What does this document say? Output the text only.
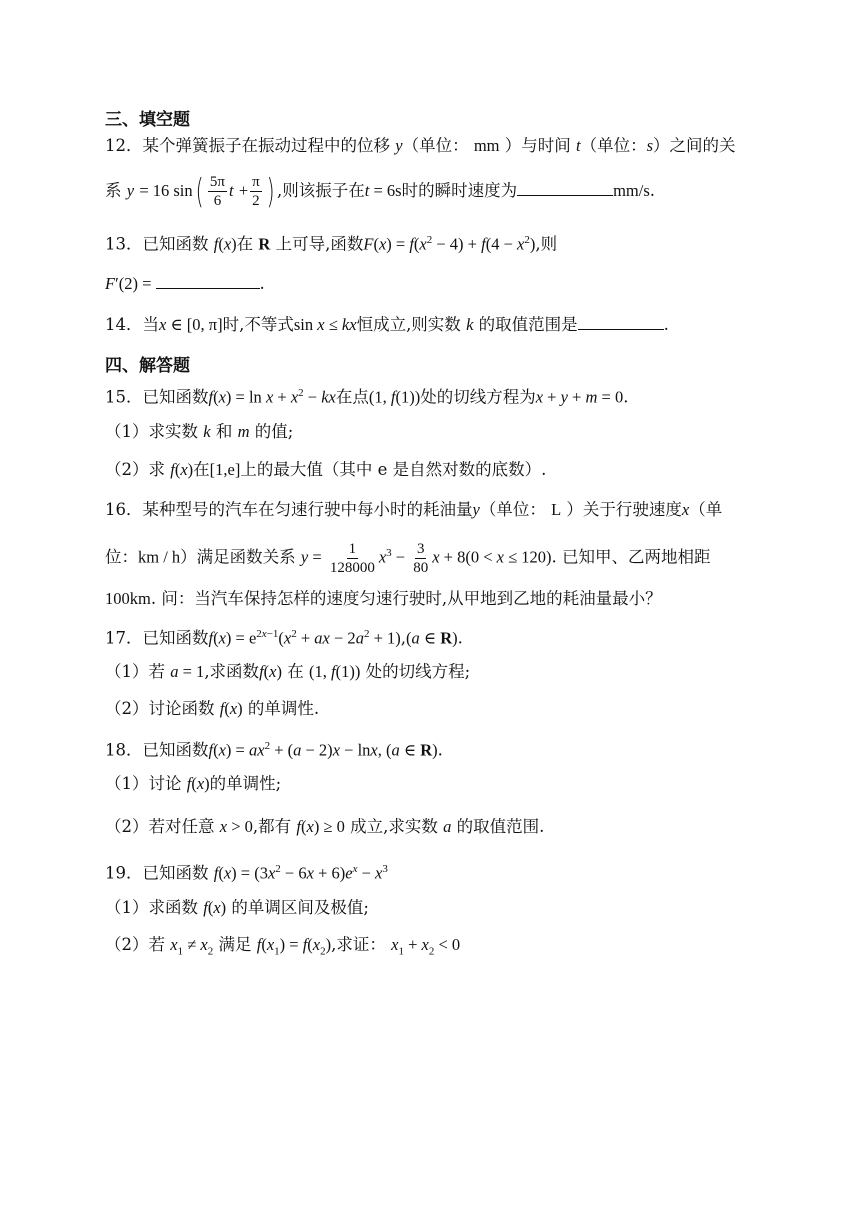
三、填空题
12．某个弹簧振子在振动过程中的位移 y（单位： mm ）与时间 t（单位：s）之间的关
系 y = 16 $\sin( \frac{5\pi}{6}$ $t + \frac{\pi}{2}$ ) ,则该振子在t = 6s时的瞬时速度为	mm/s.
13．已知函数 f(x)在 R 上可导,函数$F(x) = f(x^2 - 4) + f(4 - x^2)$,则
F′(2) =	.
14．当x ∈ [0, π]时,不等式sin x ≤ kx恒成立,则实数 k 的取值范围是	.
四、解答题
15．已知函数$f(x) = \ln x + x^2$ − kx在点(1, f(1))处的切线方程为x + y + m = 0.
（1）求实数 k 和 m 的值;
（2）求 f(x)在[1,e]上的最大值（其中 e 是自然对数的底数）.
16．某种型号的汽车在匀速行驶中每小时的耗油量y（单位： L ）关于行驶速度x（单
位：km / h）满足函数关系 $y = \frac{1}{128000} x^3 - \frac{3}{80}$ x + 8(0 < x ≤ 120). 已知甲、乙两地相距
100km. 问：当汽车保持怎样的速度匀速行驶时,从甲地到乙地的耗油量最小？
17．已知函数$f(x) = e^{2x-1}(x^2$ + ax − $2a^2 + 1),(a$ ∈ R).
（1）若 a = 1,求函数f(x) 在 (1, f(1)) 处的切线方程;
（2）讨论函数 f(x) 的单调性.
18．已知函数$f(x) = ax^2 + (a - 2)x - \ln x$, (a ∈ R).
（1）讨论 f(x)的单调性;
（2）若对任意 x > 0,都有 f(x) ≥ 0 成立,求实数 a 的取值范围.
19．已知函数 $f(x) = (3x^2 - 6x + 6)e^x - x^3$
（1）求函数 f(x) 的单调区间及极值;
（2）若 $x_1 \ne x_2$ 满足 $f(x_1) = f(x_2)$,求证： $x_1 + x_2 < 0$
